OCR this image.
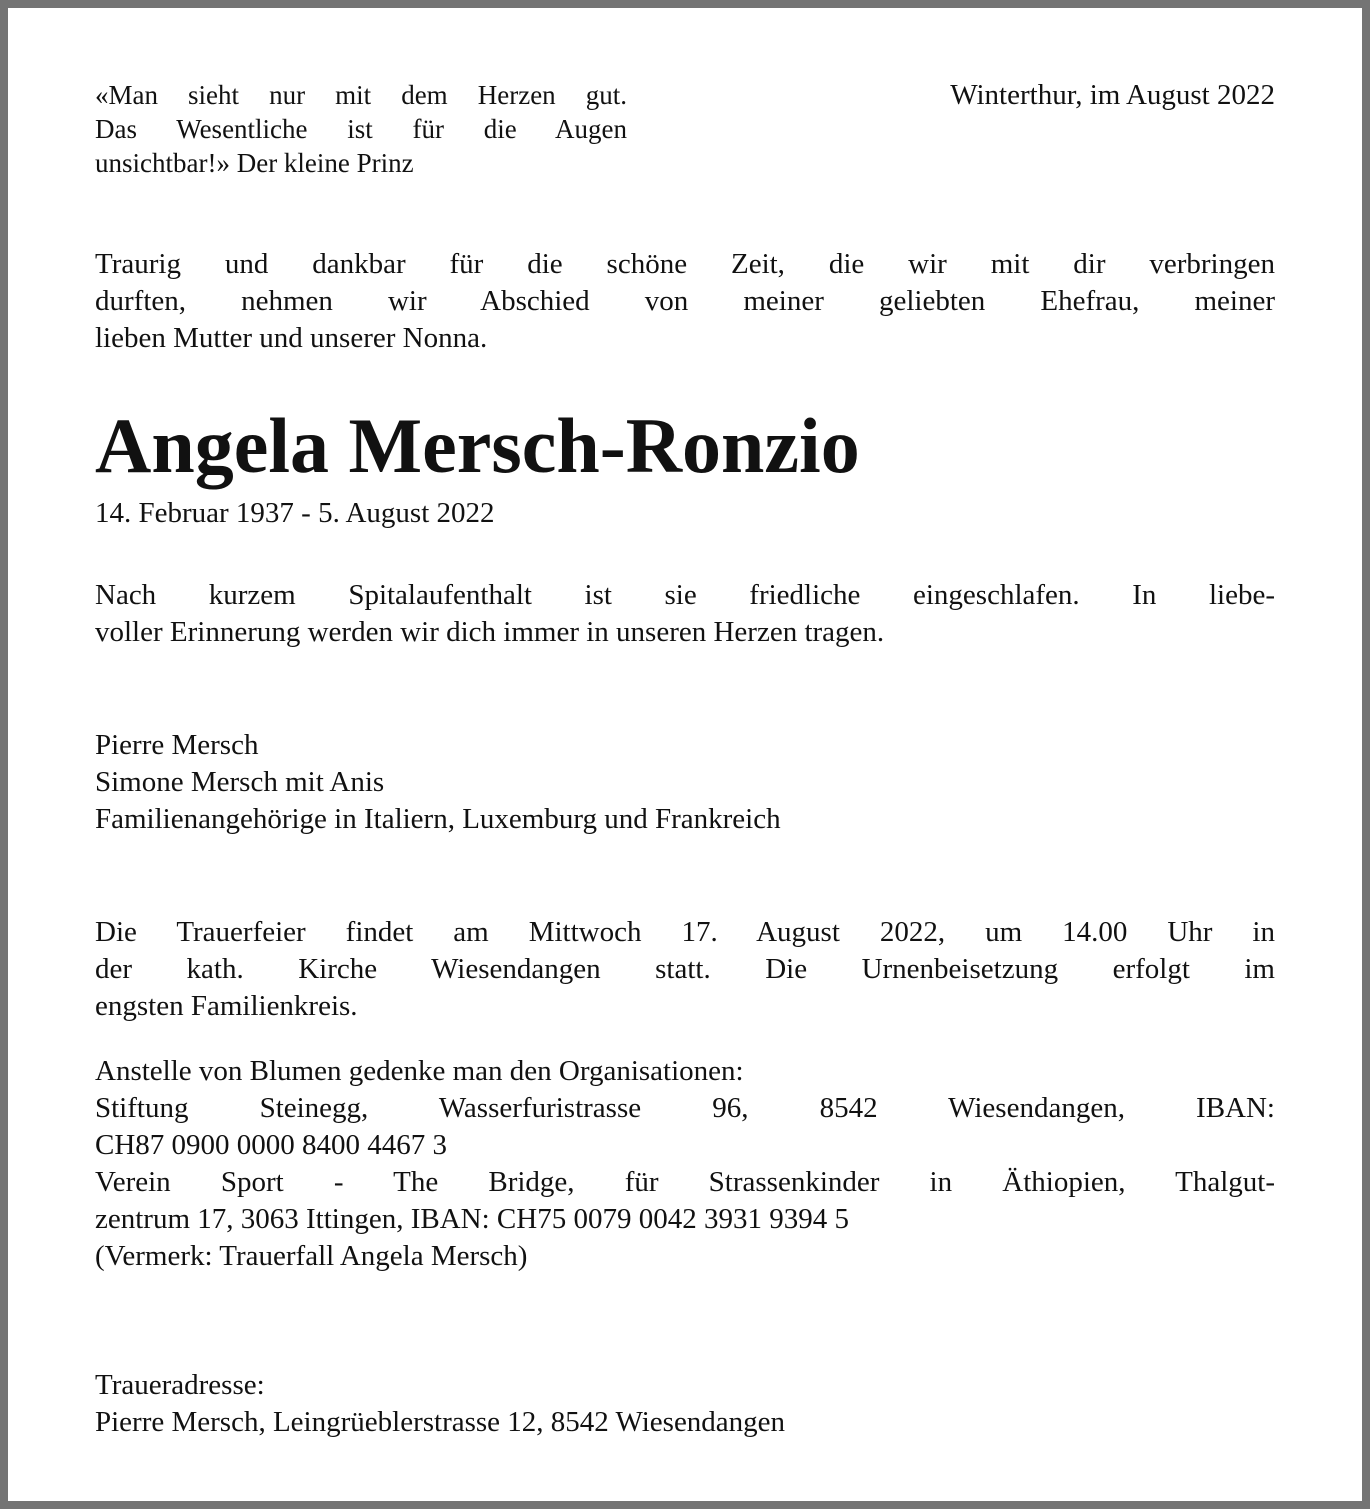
«Man sieht nur mit dem Herzen gut.
Das Wesentliche ist für die Augen
unsichtbar!» Der kleine Prinz
Winterthur, im August 2022
Traurig und dankbar für die schöne Zeit, die wir mit dir verbringen
durften, nehmen wir Abschied von meiner geliebten Ehefrau, meiner
lieben Mutter und unserer Nonna.
Angela Mersch-Ronzio
14. Februar 1937 - 5. August 2022
Nach kurzem Spitalaufenthalt ist sie friedliche eingeschlafen. In liebe-
voller Erinnerung werden wir dich immer in unseren Herzen tragen.
Pierre Mersch
Simone Mersch mit Anis
Familienangehörige in Italiern, Luxemburg und Frankreich
Die Trauerfeier findet am Mittwoch 17. August 2022, um 14.00 Uhr in
der kath. Kirche Wiesendangen statt. Die Urnenbeisetzung erfolgt im
engsten Familienkreis.
Anstelle von Blumen gedenke man den Organisationen:
Stiftung Steinegg, Wasserfuristrasse 96, 8542 Wiesendangen, IBAN:
CH87 0900 0000 8400 4467 3
Verein Sport - The Bridge, für Strassenkinder in Äthiopien, Thalgut-
zentrum 17, 3063 Ittingen, IBAN: CH75 0079 0042 3931 9394 5
(Vermerk: Trauerfall Angela Mersch)
Traueradresse:
Pierre Mersch, Leingrüeblerstrasse 12, 8542 Wiesendangen
